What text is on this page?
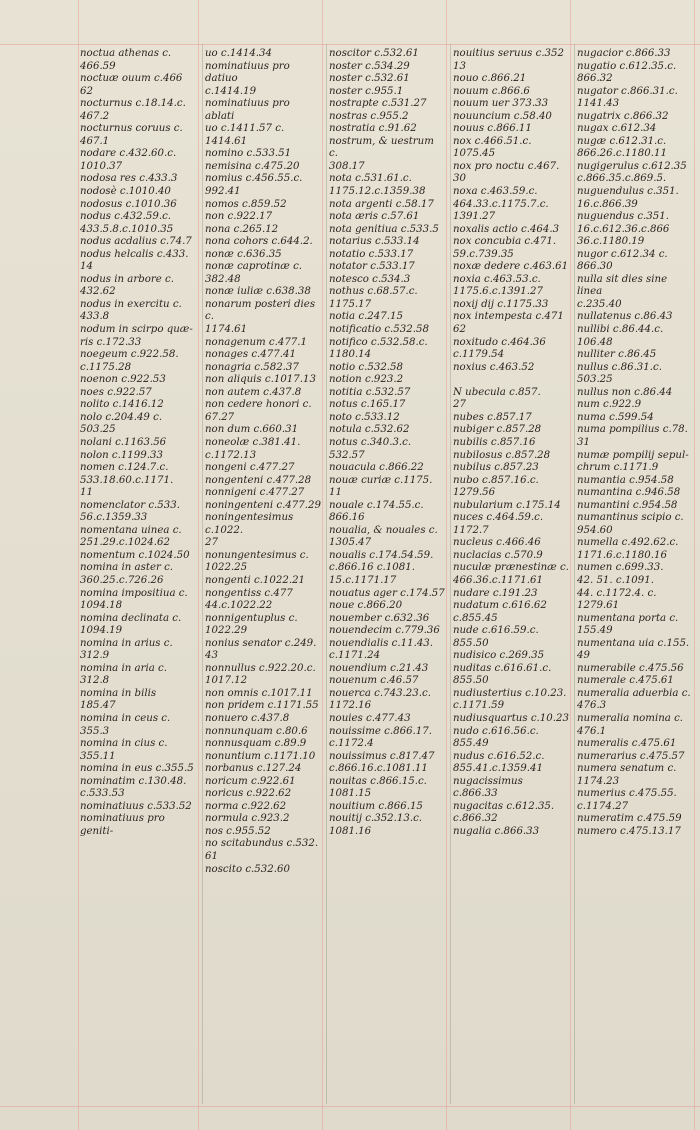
noctua athenas c.
466.59
noctuæ ouum c.466
62
nocturnus c.18.14.c.
467.2
nocturnus coruus c.
467.1
nodare c.432.60.c.
1010.37
nodosa res c.433.3
nodosè c.1010.40
nodosus c.1010.36
nodus c.432.59.c.
433.5.8.c.1010.35
nodus acdalius c.74.7
nodus helcalis c.433.
14
nodus in arbore c.
432.62
nodus in exercitu c.
433.8
nodum in scirpo quæ-
ris c.172.33
noegeum c.922.58.
c.1175.28
noenon c.922.53
noes c.922.57
nolito c.1416.12
nolo c.204.49 c.
503.25
nolani c.1163.56
nolon c.1199.33
nomen c.124.7.c.
533.18.60.c.1171.
11
nomenclator c.533.
56.c.1359.33
nomentana uinea c.
251.29.c.1024.62
nomentum c.1024.50
nomina in aster c.
360.25.c.726.26
nomina impositiua c.
1094.18
nomina declinata c.
1094.19
nomina in arius c.
312.9
nomina in aria c.
312.8
nomina in bilis
185.47
nomina in ceus c.
355.3
nomina in cius c.
355.11
nomina in eus c.355.5
nominatim c.130.48.
c.533.53
nominatiuus c.533.52
nominatiuus pro geniti-
uo c.1414.34
nominatiuus pro datiuo
c.1414.19
nominatiuus pro ablati
uo c.1411.57 c.
1414.61
nomino c.533.51
nemisina c.475.20
nomius c.456.55.c.
992.41
nomos c.859.52
non c.922.17
nona c.265.12
nona cohors c.644.2.
nonæ c.636.35
nonæ caprotinæ c.
382.48
nonæ iuliæ c.638.38
nonarum posteri dies c.
1174.61
nonagenum c.477.1
nonages c.477.41
nonagria c.582.37
non aliquis c.1017.13
non autem c.437.8
non cedere honori c.
67.27
non dum c.660.31
noneolæ c.381.41.
c.1172.13
nongeni c.477.27
nongenteni c.477.28
nonnigeni c.477.27
noningenteni c.477.29
noningentesimus c.1022.
27
nonungentesimus c.
1022.25
nongenti c.1022.21
nongentiss c.477
44.c.1022.22
nonnigentuplus c.
1022.29
nonius senator c.249.
43
nonnullus c.922.20.c.
1017.12
non omnis c.1017.11
non pridem c.1171.55
nonuero c.437.8
nonnunquam c.80.6
nonnusquam c.89.9
nonuntium c.1171.10
norbanus c.127.24
noricum c.922.61
noricus c.922.62
norma c.922.62
normula c.923.2
nos c.955.52
no scitabundus c.532.
61
noscito c.532.60
noscitor c.532.61
noster c.534.29
noster c.532.61
noster c.955.1
nostrapte c.531.27
nostras c.955.2
nostratia c.91.62
nostrum, & uestrum c.
308.17
nota c.531.61.c.
1175.12.c.1359.38
nota argenti c.58.17
nota æris c.57.61
nota genitiua c.533.5
notarius c.533.14
notatio c.533.17
notator c.533.17
notesco c.534.3
nothus c.68.57.c.
1175.17
notia c.247.15
notificatio c.532.58
notifico c.532.58.c.
1180.14
notio c.532.58
notion c.923.2
notitia c.532.57
notus c.165.17
noto c.533.12
notula c.532.62
notus c.340.3.c.
532.57
nouacula c.866.22
nouæ curiæ c.1175.
11
nouale c.174.55.c.
866.16
noualia, & nouales c.
1305.47
noualis c.174.54.59.
c.866.16 c.1081.
15.c.1171.17
nouatus ager c.174.57
noue c.866.20
nouember c.632.36
nouendecim c.779.36
nouendialis c.11.43.
c.1171.24
nouendium c.21.43
nouenum c.46.57
nouerca c.743.23.c.
1172.16
nouies c.477.43
nouissime c.866.17.
c.1172.4
nouissimus c.817.47
c.866.16.c.1081.11
nouitas c.866.15.c.
1081.15
nouitium c.866.15
nouitij c.352.13.c.
1081.16
nouitius seruus c.352
13
nouo c.866.21
nouum c.866.6
nouum uer 373.33
nouuncium c.58.40
nouus c.866.11
nox c.466.51.c.
1075.45
nox pro noctu c.467.
30
noxa c.463.59.c.
464.33.c.1175.7.c.
1391.27
noxalis actio c.464.3
nox concubia c.471.
59.c.739.35
noxæ dedere c.463.61
noxia c.463.53.c.
1175.6.c.1391.27
noxij dij c.1175.33
nox intempesta c.471
62
noxitudo c.464.36
c.1179.54
noxius c.463.52

N ubecula c.857.
27
nubes c.857.17
nubiger c.857.28
nubilis c.857.16
nubilosus c.857.28
nubilus c.857.23
nubo c.857.16.c.
1279.56
nubularium c.175.14
nuces c.464.59.c.
1172.7
nucleus c.466.46
nuclacias c.570.9
nuculæ prænestinæ c.
466.36.c.1171.61
nudare c.191.23
nudatum c.616.62
c.855.45
nude c.616.59.c.
855.50
nudisico c.269.35
nuditas c.616.61.c.
855.50
nudiustertius c.10.23.
c.1171.59
nudiusquartus c.10.23
nudo c.616.56.c.
855.49
nudus c.616.52.c.
855.41.c.1359.41
nugacissimus c.866.33
nugacitas c.612.35.
c.866.32
nugalia c.866.33
nugacior c.866.33
nugatio c.612.35.c.
866.32
nugator c.866.31.c.
1141.43
nugatrix c.866.32
nugax c.612.34
nugæ c.612.31.c.
866.26.c.1180.11
nugigerulus c.612.35
c.866.35.c.869.5.
nuguendulus c.351.
16.c.866.39
nuguendus c.351.
16.c.612.36.c.866
36.c.1180.19
nugor c.612.34 c.
866.30
nulla sit dies sine linea
c.235.40
nullatenus c.86.43
nullibi c.86.44.c.
106.48
nulliter c.86.45
nullus c.86.31.c.
503.25
nullus non c.86.44
num c.922.9
numa c.599.54
numa pompilius c.78.
31
numæ pompilij sepul-
chrum c.1171.9
numantia c.954.58
numantina c.946.58
numantini c.954.58
numantinus scipio c.
954.60
numella c.492.62.c.
1171.6.c.1180.16
numen c.699.33.
42. 51. c.1091.
44. c.1172.4. c.
1279.61
numentana porta c.
155.49
numentana uia c.155.
49
numerabile c.475.56
numerale c.475.61
numeralia aduerbia c.
476.3
numeralia nomina c.
476.1
numeralis c.475.61
numerarius c.475.57
numera senatum c.
1174.23
numerius c.475.55.
c.1174.27
numeratim c.475.59
numero c.475.13.17
